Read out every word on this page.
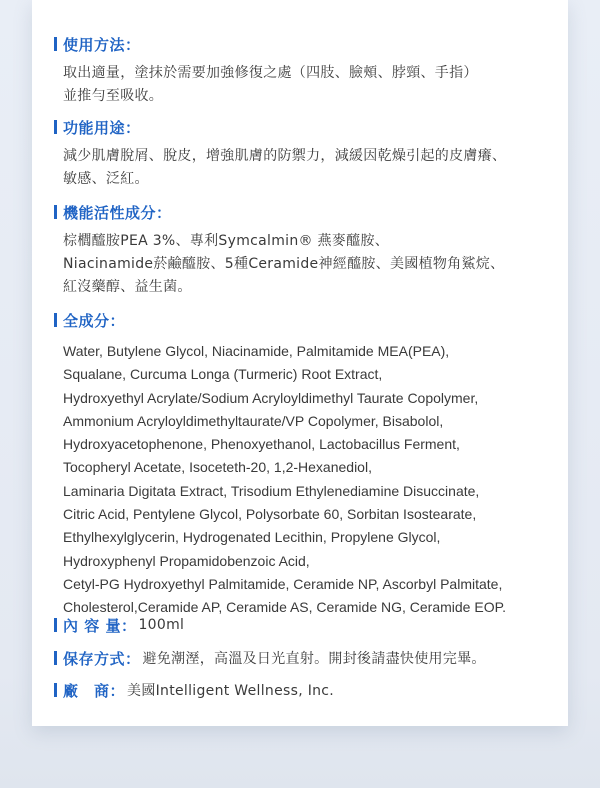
使用方法：
取出適量，塗抹於需要加強修復之處（四肢、臉頰、脖頸、手指）
並推勻至吸收。
功能用途：
減少肌膚脫屑、脫皮，增強肌膚的防禦力，減緩因乾燥引起的皮膚癢、
敏感、泛紅。
機能活性成分：
棕櫚醯胺PEA 3%、專利Symcalmin® 燕麥醯胺、
Niacinamide菸鹼醯胺、5種Ceramide神經醯胺、美國植物角鯊烷、
紅沒藥醇、益生菌。
全成分：
Water, Butylene Glycol, Niacinamide, Palmitamide MEA(PEA),
Squalane, Curcuma Longa (Turmeric) Root Extract,
Hydroxyethyl Acrylate/Sodium Acryloyldimethyl Taurate Copolymer,
Ammonium Acryloyldimethyltaurate/VP Copolymer, Bisabolol,
Hydroxyacetophenone, Phenoxyethanol, Lactobacillus Ferment,
Tocopheryl Acetate, Isoceteth-20, 1,2-Hexanediol,
Laminaria Digitata Extract, Trisodium Ethylenediamine Disuccinate,
Citric Acid, Pentylene Glycol, Polysorbate 60, Sorbitan Isostearate,
Ethylhexylglycerin, Hydrogenated Lecithin, Propylene Glycol,
Hydroxyphenyl Propamidobenzoic Acid,
Cetyl-PG Hydroxyethyl Palmitamide, Ceramide NP, Ascorbyl Palmitate,
Cholesterol,Ceramide AP, Ceramide AS, Ceramide NG, Ceramide EOP.
內 容 量： 100ml
保存方式： 避免潮溼，高溫及日光直射。開封後請盡快使用完畢。
廠　商： 美國Intelligent Wellness, Inc.
